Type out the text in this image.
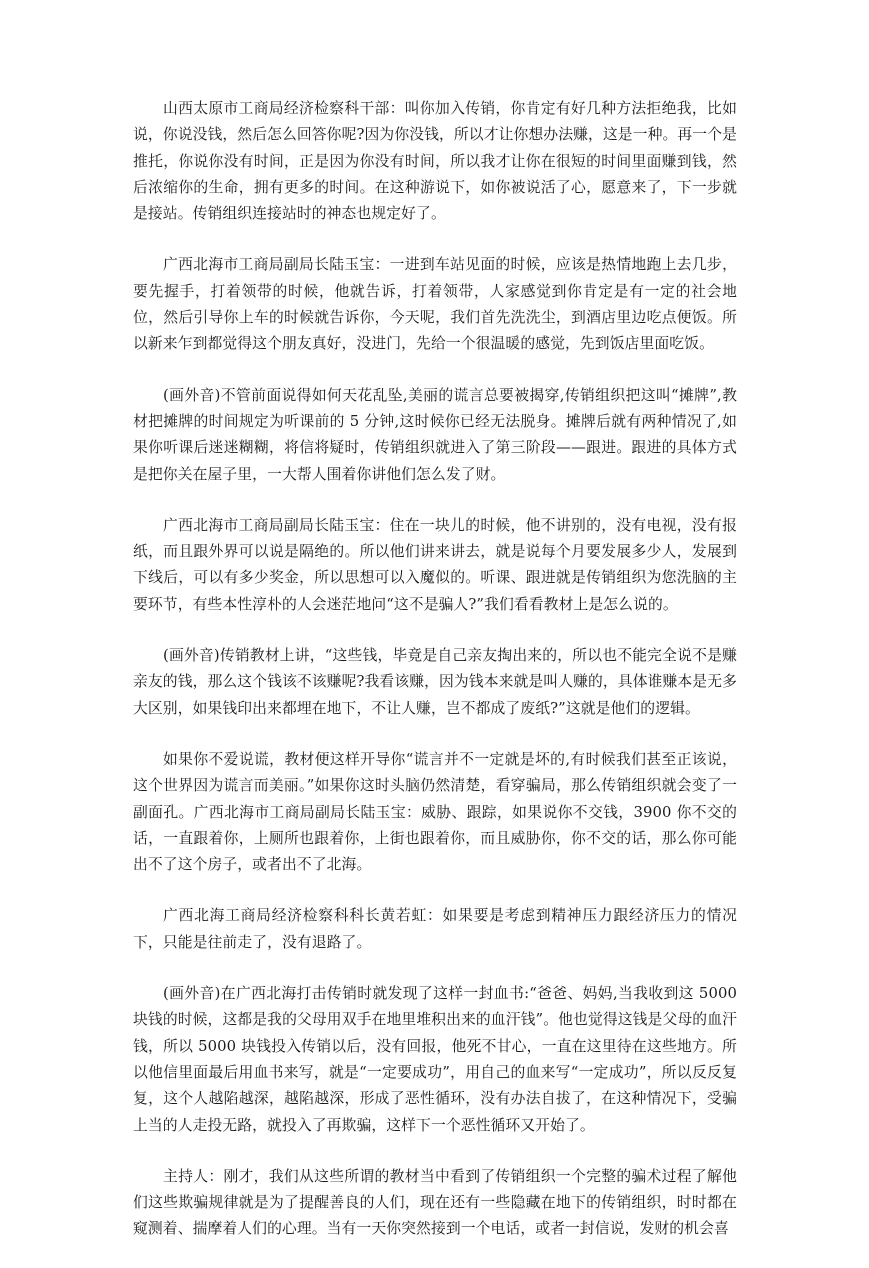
山西太原市工商局经济检察科干部：叫你加入传销，你肯定有好几种方法拒绝我，比如说，你说没钱，然后怎么回答你呢?因为你没钱，所以才让你想办法赚，这是一种。再一个是推托，你说你没有时间，正是因为你没有时间，所以我才让你在很短的时间里面赚到钱，然后浓缩你的生命，拥有更多的时间。在这种游说下，如你被说活了心，愿意来了，下一步就是接站。传销组织连接站时的神态也规定好了。

广西北海市工商局副局长陆玉宝：一进到车站见面的时候，应该是热情地跑上去几步，要先握手，打着领带的时候，他就告诉，打着领带，人家感觉到你肯定是有一定的社会地位，然后引导你上车的时候就告诉你，今天呢，我们首先洗洗尘，到酒店里边吃点便饭。所以新来乍到都觉得这个朋友真好，没进门，先给一个很温暖的感觉，先到饭店里面吃饭。

(画外音)不管前面说得如何天花乱坠,美丽的谎言总要被揭穿,传销组织把这叫“摊牌”,教材把摊牌的时间规定为听课前的 5 分钟,这时候你已经无法脱身。摊牌后就有两种情况了,如果你听课后迷迷糊糊，将信将疑时，传销组织就进入了第三阶段——跟进。跟进的具体方式是把你关在屋子里，一大帮人围着你讲他们怎么发了财。

广西北海市工商局副局长陆玉宝：住在一块儿的时候，他不讲别的，没有电视，没有报纸，而且跟外界可以说是隔绝的。所以他们讲来讲去，就是说每个月要发展多少人，发展到下线后，可以有多少奖金，所以思想可以入魔似的。听课、跟进就是传销组织为您洗脑的主要环节，有些本性淳朴的人会迷茫地问“这不是骗人?”我们看看教材上是怎么说的。

(画外音)传销教材上讲，“这些钱，毕竟是自己亲友掏出来的，所以也不能完全说不是赚亲友的钱，那么这个钱该不该赚呢?我看该赚，因为钱本来就是叫人赚的，具体谁赚本是无多大区别，如果钱印出来都埋在地下，不让人赚，岂不都成了废纸?”这就是他们的逻辑。

如果你不爱说谎，教材便这样开导你“谎言并不一定就是坏的,有时候我们甚至正该说，这个世界因为谎言而美丽。”如果你这时头脑仍然清楚，看穿骗局，那么传销组织就会变了一副面孔。广西北海市工商局副局长陆玉宝：威胁、跟踪，如果说你不交钱，3900 你不交的话，一直跟着你，上厕所也跟着你，上街也跟着你，而且威胁你，你不交的话，那么你可能出不了这个房子，或者出不了北海。

广西北海工商局经济检察科科长黄若虹：如果要是考虑到精神压力跟经济压力的情况下，只能是往前走了，没有退路了。

(画外音)在广西北海打击传销时就发现了这样一封血书:“爸爸、妈妈,当我收到这 5000 块钱的时候，这都是我的父母用双手在地里堆积出来的血汗钱”。他也觉得这钱是父母的血汗钱，所以 5000 块钱投入传销以后，没有回报，他死不甘心，一直在这里待在这些地方。所以他信里面最后用血书来写，就是“一定要成功”，用自己的血来写“一定成功”，所以反反复复，这个人越陷越深，越陷越深，形成了恶性循环，没有办法自拔了，在这种情况下，受骗上当的人走投无路，就投入了再欺骗，这样下一个恶性循环又开始了。

主持人：刚才，我们从这些所谓的教材当中看到了传销组织一个完整的骗术过程了解他们这些欺骗规律就是为了提醒善良的人们，现在还有一些隐藏在地下的传销组织，时时都在窥测着、揣摩着人们的心理。当有一天你突然接到一个电话，或者一封信说，发财的机会喜
